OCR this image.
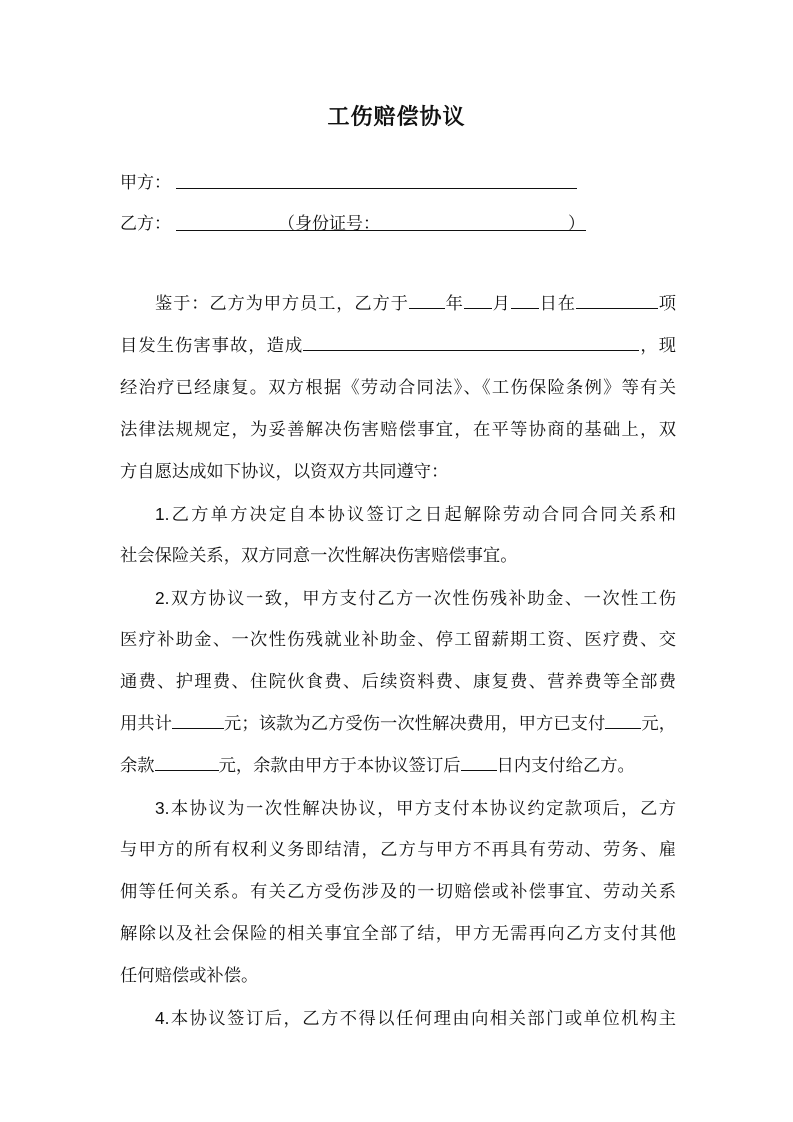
工伤赔偿协议
甲方：
乙方：	（身份证号：	）
鉴于：乙方为甲方员工，乙方于 年 月 日在	项
目发生伤害事故，造成	，现
经治疗已经康复。双方根据《劳动合同法》、《工伤保险条例》等有关
法律法规规定，为妥善解决伤害赔偿事宜，在平等协商的基础上，双
方自愿达成如下协议，以资双方共同遵守：
1.乙方单方决定自本协议签订之日起解除劳动合同合同关系和
社会保险关系，双方同意一次性解决伤害赔偿事宜。
2.双方协议一致，甲方支付乙方一次性伤残补助金、一次性工伤
医疗补助金、一次性伤残就业补助金、停工留薪期工资、医疗费、交
通费、护理费、住院伙食费、后续资料费、康复费、营养费等全部费
用共计	元；该款为乙方受伤一次性解决费用，甲方已支付 元，
余款	元，余款由甲方于本协议签订后 日内支付给乙方。
3.本协议为一次性解决协议，甲方支付本协议约定款项后，乙方
与甲方的所有权利义务即结清，乙方与甲方不再具有劳动、劳务、雇
佣等任何关系。有关乙方受伤涉及的一切赔偿或补偿事宜、劳动关系
解除以及社会保险的相关事宜全部了结，甲方无需再向乙方支付其他
任何赔偿或补偿。
4.本协议签订后，乙方不得以任何理由向相关部门或单位机构主
